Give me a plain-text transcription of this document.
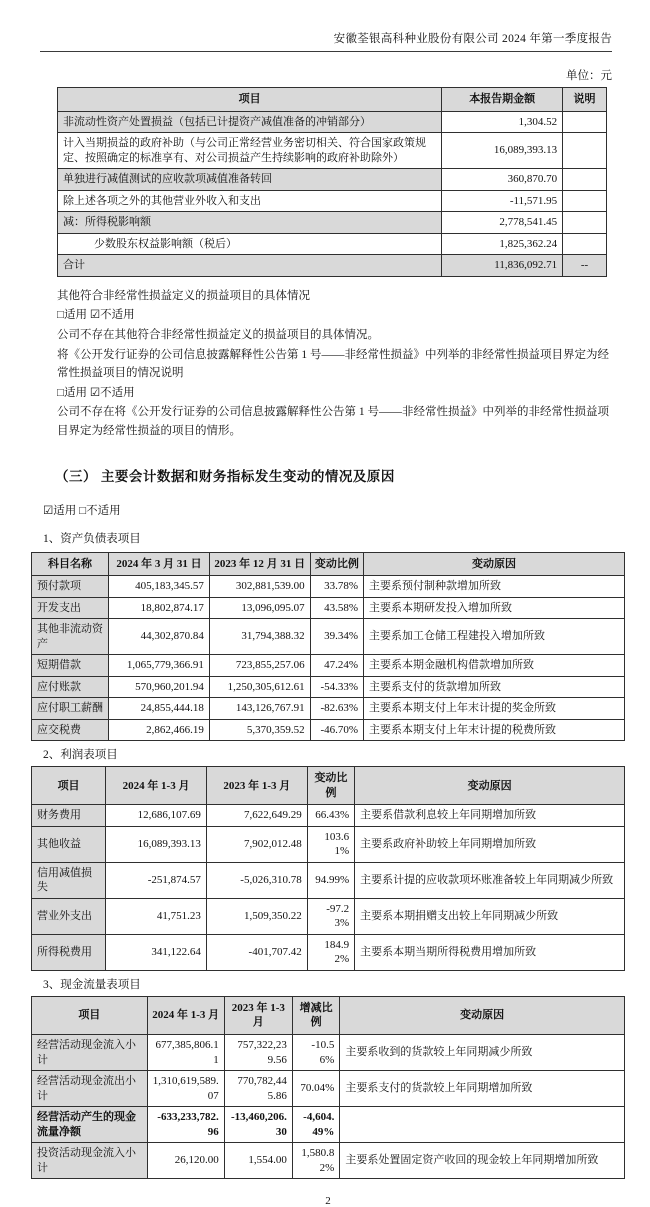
安徽荃银高科种业股份有限公司 2024 年第一季度报告
单位：元
项目	本报告期金额	说明
非流动性资产处置损益（包括已计提资产减值准备的冲销部分）	1,304.52	
计入当期损益的政府补助（与公司正常经营业务密切相关、符合国家政策规定、按照确定的标准享有、对公司损益产生持续影响的政府补助除外）	16,089,393.13	
单独进行减值测试的应收款项减值准备转回	360,870.70	
除上述各项之外的其他营业外收入和支出	-11,571.95	
减：所得税影响额	2,778,541.45	
少数股东权益影响额（税后）	1,825,362.24	
合计	11,836,092.71	--

其他符合非经常性损益定义的损益项目的具体情况

□适用 ☑不适用

公司不存在其他符合非经常性损益定义的损益项目的具体情况。

将《公开发行证券的公司信息披露解释性公告第 1 号——非经常性损益》中列举的非经常性损益项目界定为经常性损益项目的情况说明

□适用 ☑不适用

公司不存在将《公开发行证券的公司信息披露解释性公告第 1 号——非经常性损益》中列举的非经常性损益项目界定为经常性损益的项目的情形。

（三） 主要会计数据和财务指标发生变动的情况及原因
☑适用 □不适用
1、资产负债表项目
科目名称	2024 年 3 月 31 日	2023 年 12 月 31 日	变动比例	变动原因
预付款项	405,183,345.57	302,881,539.00	33.78%	主要系预付制种款增加所致
开发支出	18,802,874.17	13,096,095.07	43.58%	主要系本期研发投入增加所致
其他非流动资产	44,302,870.84	31,794,388.32	39.34%	主要系加工仓储工程建投入增加所致
短期借款	1,065,779,366.91	723,855,257.06	47.24%	主要系本期金融机构借款增加所致
应付账款	570,960,201.94	1,250,305,612.61	-54.33%	主要系支付的货款增加所致
应付职工薪酬	24,855,444.18	143,126,767.91	-82.63%	主要系本期支付上年末计提的奖金所致
应交税费	2,862,466.19	5,370,359.52	-46.70%	主要系本期支付上年末计提的税费所致
2、利润表项目
项目	2024 年 1-3 月	2023 年 1-3 月	变动比例	变动原因
财务费用	12,686,107.69	7,622,649.29	66.43%	主要系借款利息较上年同期增加所致
其他收益	16,089,393.13	7,902,012.48	103.61%	主要系政府补助较上年同期增加所致
信用减值损失	-251,874.57	-5,026,310.78	94.99%	主要系计提的应收款项坏账准备较上年同期减少所致
营业外支出	41,751.23	1,509,350.22	-97.23%	主要系本期捐赠支出较上年同期减少所致
所得税费用	341,122.64	-401,707.42	184.92%	主要系本期当期所得税费用增加所致
3、现金流量表项目
项目	2024 年 1-3 月	2023 年 1-3 月	增减比例	变动原因
经营活动现金流入小计	677,385,806.11	757,322,239.56	-10.56%	主要系收到的货款较上年同期减少所致
经营活动现金流出小计	1,310,619,589.07	770,782,445.86	70.04%	主要系支付的货款较上年同期增加所致
经营活动产生的现金流量净额	-633,233,782.96	-13,460,206.30	-4,604.49%	
投资活动现金流入小计	26,120.00	1,554.00	1,580.82%	主要系处置固定资产收回的现金较上年同期增加所致
2
